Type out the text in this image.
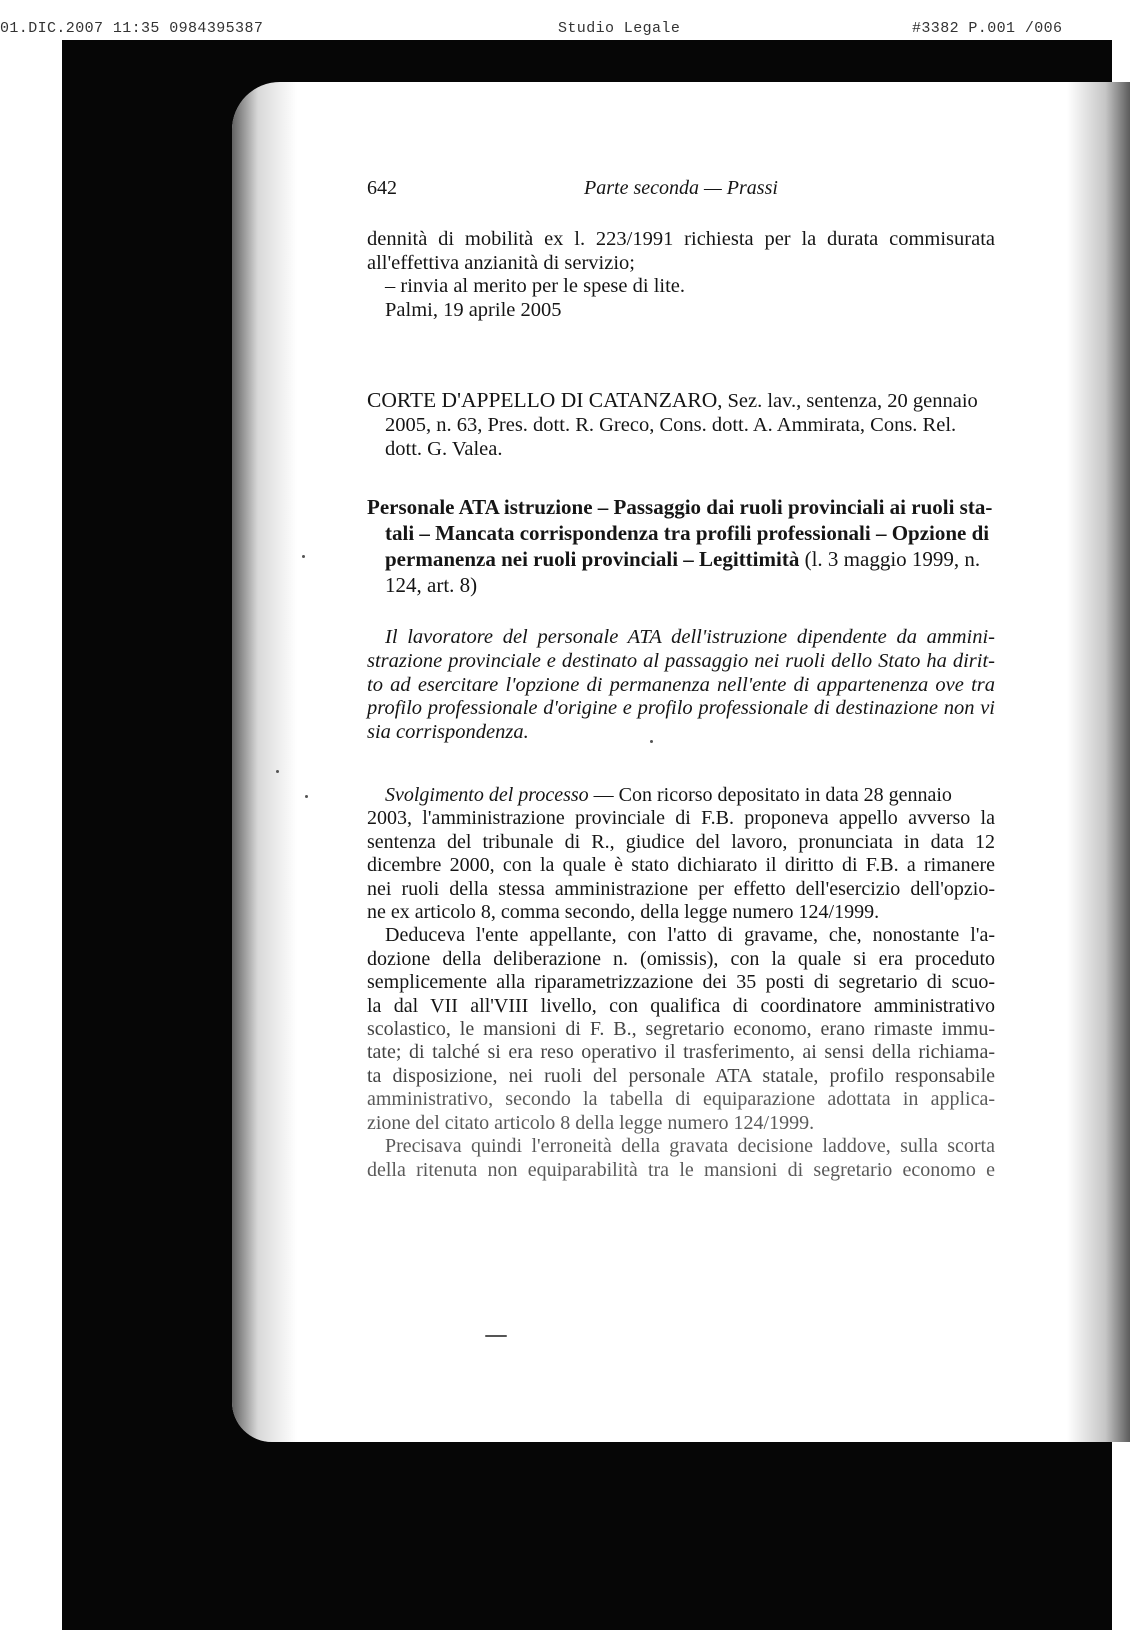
01.DIC.2007 11:35 0984395387	Studio Legale	#3382 P.001 /006
642	Parte seconda — Prassi
dennità di mobilità ex l. 223/1991 richiesta per la durata commisurata
all'effettiva anzianità di servizio;
– rinvia al merito per le spese di lite.
Palmi, 19 aprile 2005
CORTE D'APPELLO DI CATANZARO, Sez. lav., sentenza, 20 gennaio
2005, n. 63, Pres. dott. R. Greco, Cons. dott. A. Ammirata, Cons. Rel.
dott. G. Valea.
Personale ATA istruzione – Passaggio dai ruoli provinciali ai ruoli sta-
tali – Mancata corrispondenza tra profili professionali – Opzione di
permanenza nei ruoli provinciali – Legittimità (l. 3 maggio 1999, n.
124, art. 8)
Il lavoratore del personale ATA dell'istruzione dipendente da ammini-
strazione provinciale e destinato al passaggio nei ruoli dello Stato ha dirit-
to ad esercitare l'opzione di permanenza nell'ente di appartenenza ove tra
profilo professionale d'origine e profilo professionale di destinazione non vi
sia corrispondenza.
Svolgimento del processo — Con ricorso depositato in data 28 gennaio
2003, l'amministrazione provinciale di F.B. proponeva appello avverso la
sentenza del tribunale di R., giudice del lavoro, pronunciata in data 12
dicembre 2000, con la quale è stato dichiarato il diritto di F.B. a rimanere
nei ruoli della stessa amministrazione per effetto dell'esercizio dell'opzio-
ne ex articolo 8, comma secondo, della legge numero 124/1999.
Deduceva l'ente appellante, con l'atto di gravame, che, nonostante l'a-
dozione della deliberazione n. (omissis), con la quale si era proceduto
semplicemente alla riparametrizzazione dei 35 posti di segretario di scuo-
la dal VII all'VIII livello, con qualifica di coordinatore amministrativo
scolastico, le mansioni di F. B., segretario economo, erano rimaste immu-
tate; di talché si era reso operativo il trasferimento, ai sensi della richiama-
ta disposizione, nei ruoli del personale ATA statale, profilo responsabile
amministrativo, secondo la tabella di equiparazione adottata in applica-
zione del citato articolo 8 della legge numero 124/1999.
Precisava quindi l'erroneità della gravata decisione laddove, sulla scorta
della ritenuta non equiparabilità tra le mansioni di segretario economo e
